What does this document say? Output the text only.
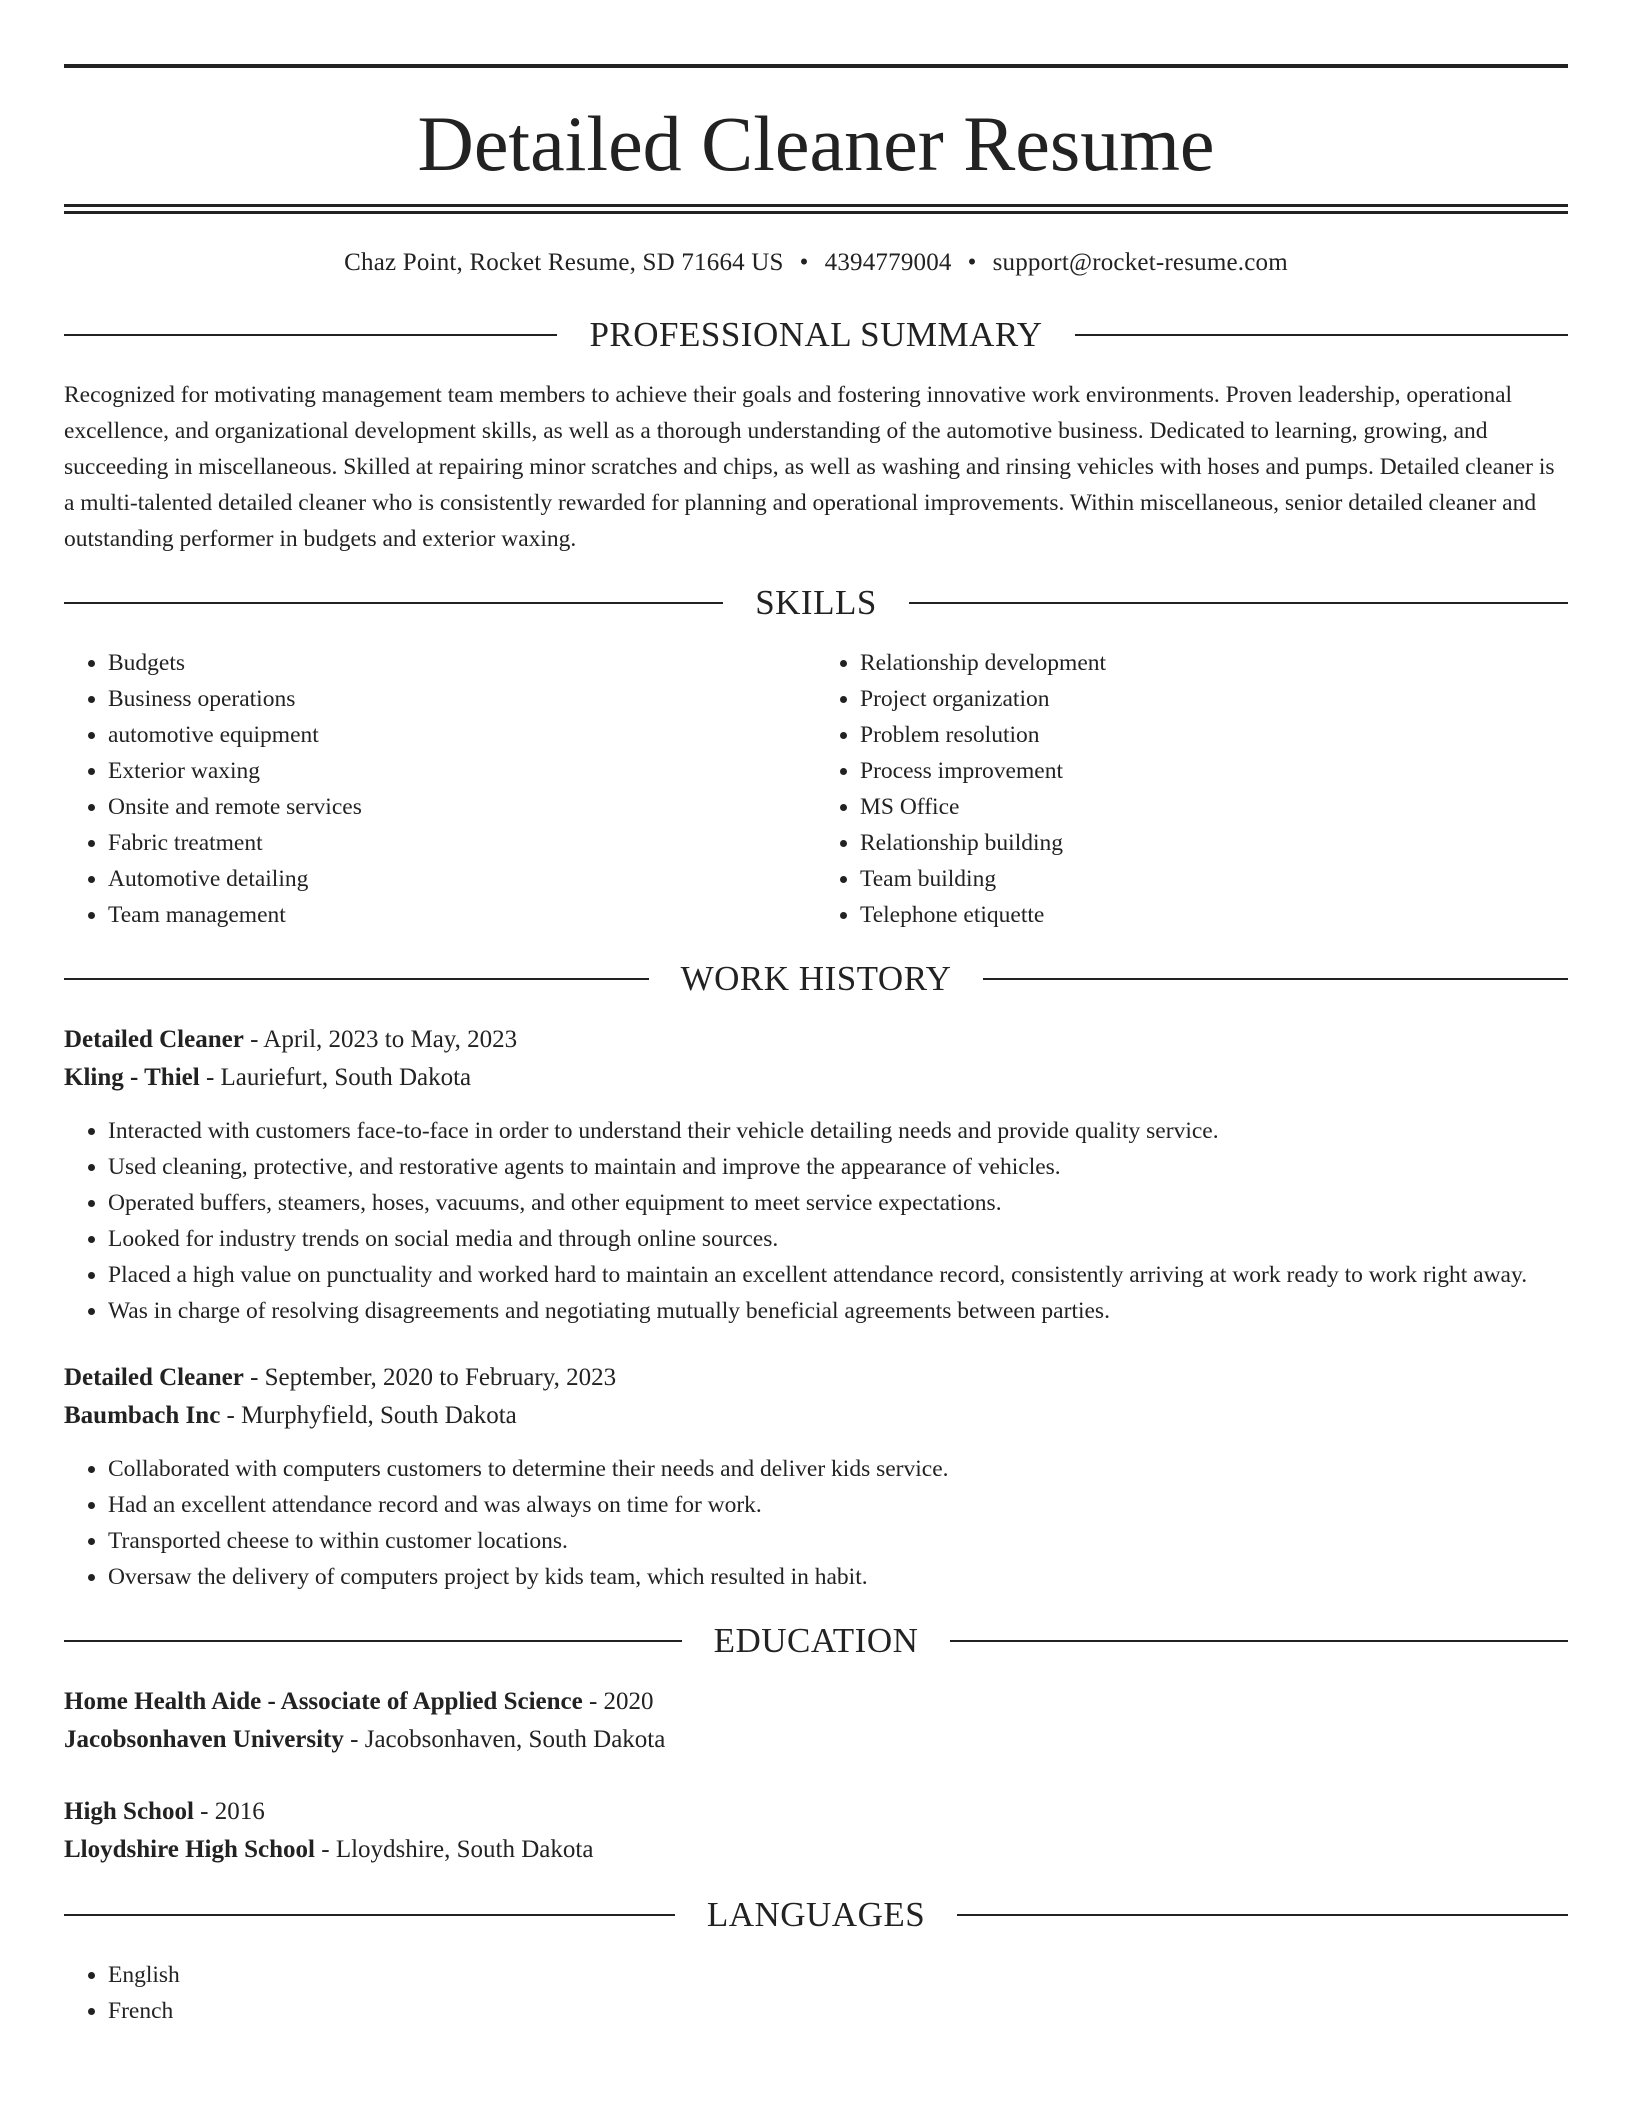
Detailed Cleaner Resume
Chaz Point, Rocket Resume, SD 71664 US • 4394779004 • support@rocket-resume.com
PROFESSIONAL SUMMARY
Recognized for motivating management team members to achieve their goals and fostering innovative work environments. Proven leadership, operational excellence, and organizational development skills, as well as a thorough understanding of the automotive business. Dedicated to learning, growing, and succeeding in miscellaneous. Skilled at repairing minor scratches and chips, as well as washing and rinsing vehicles with hoses and pumps. Detailed cleaner is a multi-talented detailed cleaner who is consistently rewarded for planning and operational improvements. Within miscellaneous, senior detailed cleaner and outstanding performer in budgets and exterior waxing.
SKILLS
• Budgets
• Business operations
• automotive equipment
• Exterior waxing
• Onsite and remote services
• Fabric treatment
• Automotive detailing
• Team management
• Relationship development
• Project organization
• Problem resolution
• Process improvement
• MS Office
• Relationship building
• Team building
• Telephone etiquette
WORK HISTORY
Detailed Cleaner - April, 2023 to May, 2023
Kling - Thiel - Lauriefurt, South Dakota
• Interacted with customers face-to-face in order to understand their vehicle detailing needs and provide quality service.
• Used cleaning, protective, and restorative agents to maintain and improve the appearance of vehicles.
• Operated buffers, steamers, hoses, vacuums, and other equipment to meet service expectations.
• Looked for industry trends on social media and through online sources.
• Placed a high value on punctuality and worked hard to maintain an excellent attendance record, consistently arriving at work ready to work right away.
• Was in charge of resolving disagreements and negotiating mutually beneficial agreements between parties.
Detailed Cleaner - September, 2020 to February, 2023
Baumbach Inc - Murphyfield, South Dakota
• Collaborated with computers customers to determine their needs and deliver kids service.
• Had an excellent attendance record and was always on time for work.
• Transported cheese to within customer locations.
• Oversaw the delivery of computers project by kids team, which resulted in habit.
EDUCATION
Home Health Aide - Associate of Applied Science - 2020
Jacobsonhaven University - Jacobsonhaven, South Dakota
High School - 2016
Lloydshire High School - Lloydshire, South Dakota
LANGUAGES
• English
• French
